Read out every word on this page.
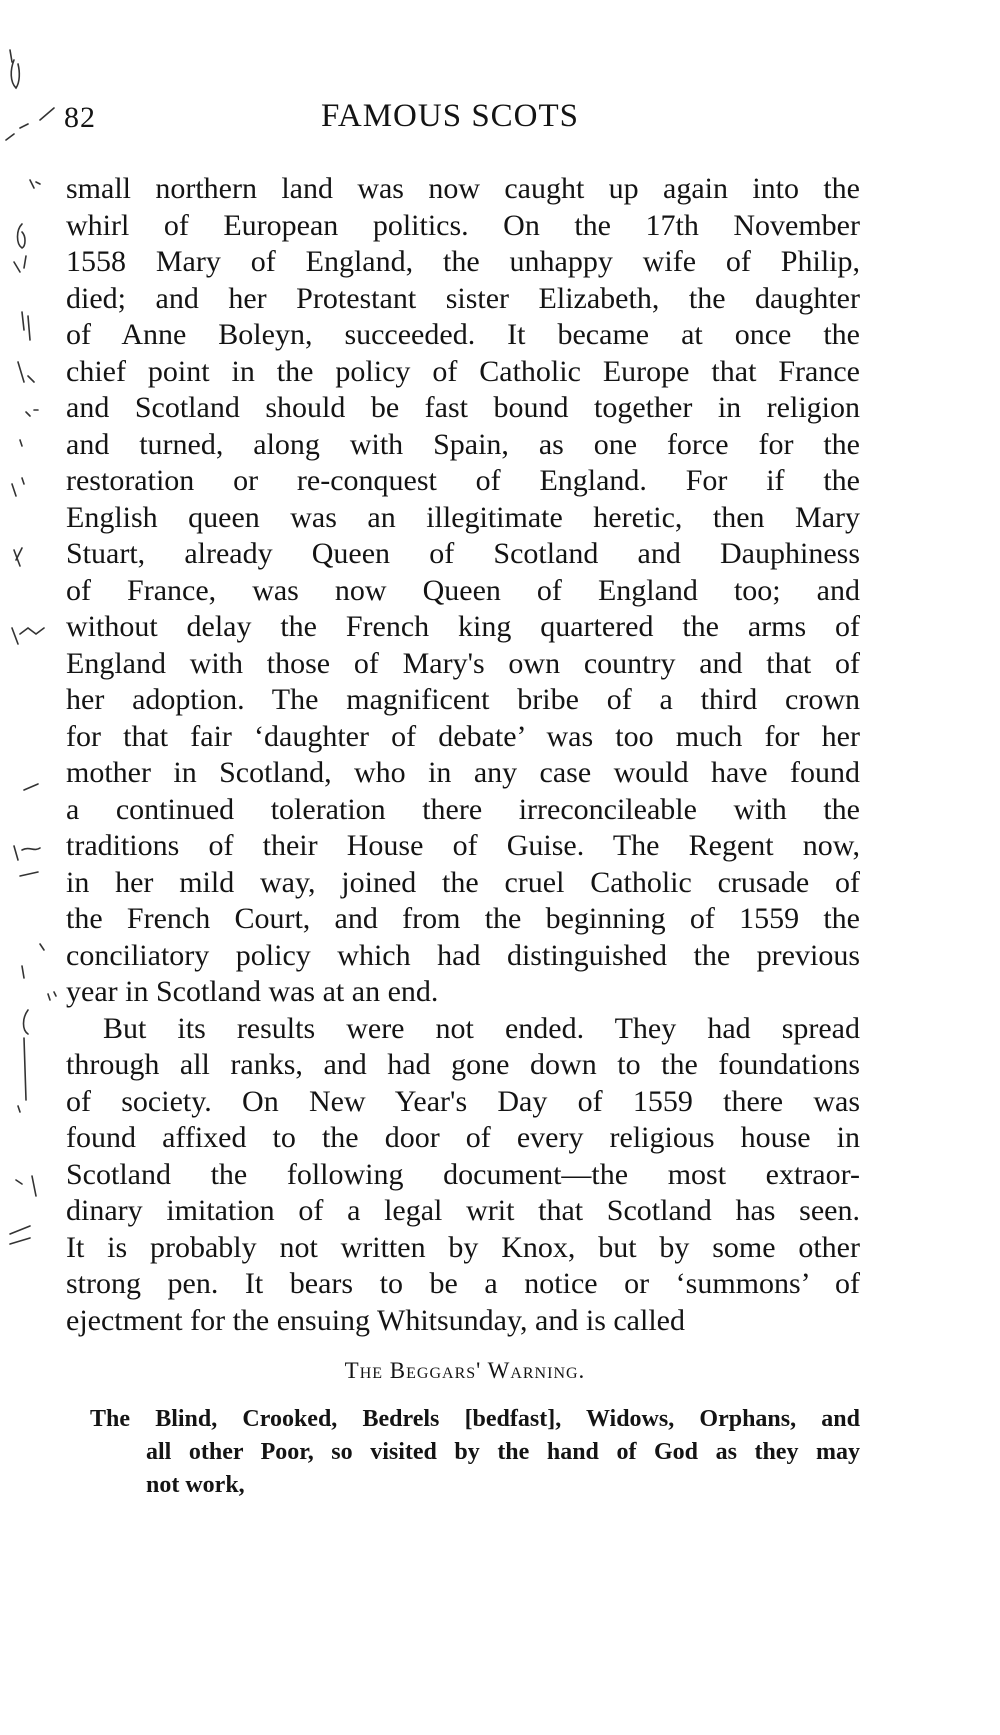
82	FAMOUS SCOTS
small northern land was now caught up again into the
whirl of European politics. On the 17th November
1558 Mary of England, the unhappy wife of Philip,
died; and her Protestant sister Elizabeth, the daughter
of Anne Boleyn, succeeded. It became at once the
chief point in the policy of Catholic Europe that France
and Scotland should be fast bound together in religion
and turned, along with Spain, as one force for the
restoration or re-conquest of England. For if the
English queen was an illegitimate heretic, then Mary
Stuart, already Queen of Scotland and Dauphiness
of France, was now Queen of England too; and
without delay the French king quartered the arms of
England with those of Mary's own country and that of
her adoption. The magnificent bribe of a third crown
for that fair ‘daughter of debate’ was too much for her
mother in Scotland, who in any case would have found
a continued toleration there irreconcileable with the
traditions of their House of Guise. The Regent now,
in her mild way, joined the cruel Catholic crusade of
the French Court, and from the beginning of 1559 the
conciliatory policy which had distinguished the previous
year in Scotland was at an end.
But its results were not ended. They had spread
through all ranks, and had gone down to the foundations
of society. On New Year's Day of 1559 there was
found affixed to the door of every religious house in
Scotland the following document—the most extraor-
dinary imitation of a legal writ that Scotland has seen.
It is probably not written by Knox, but by some other
strong pen. It bears to be a notice or ‘summons’ of
ejectment for the ensuing Whitsunday, and is called
The Beggars' Warning.
The Blind, Crooked, Bedrels [bedfast], Widows, Orphans, and
all other Poor, so visited by the hand of God as they may
not work,
